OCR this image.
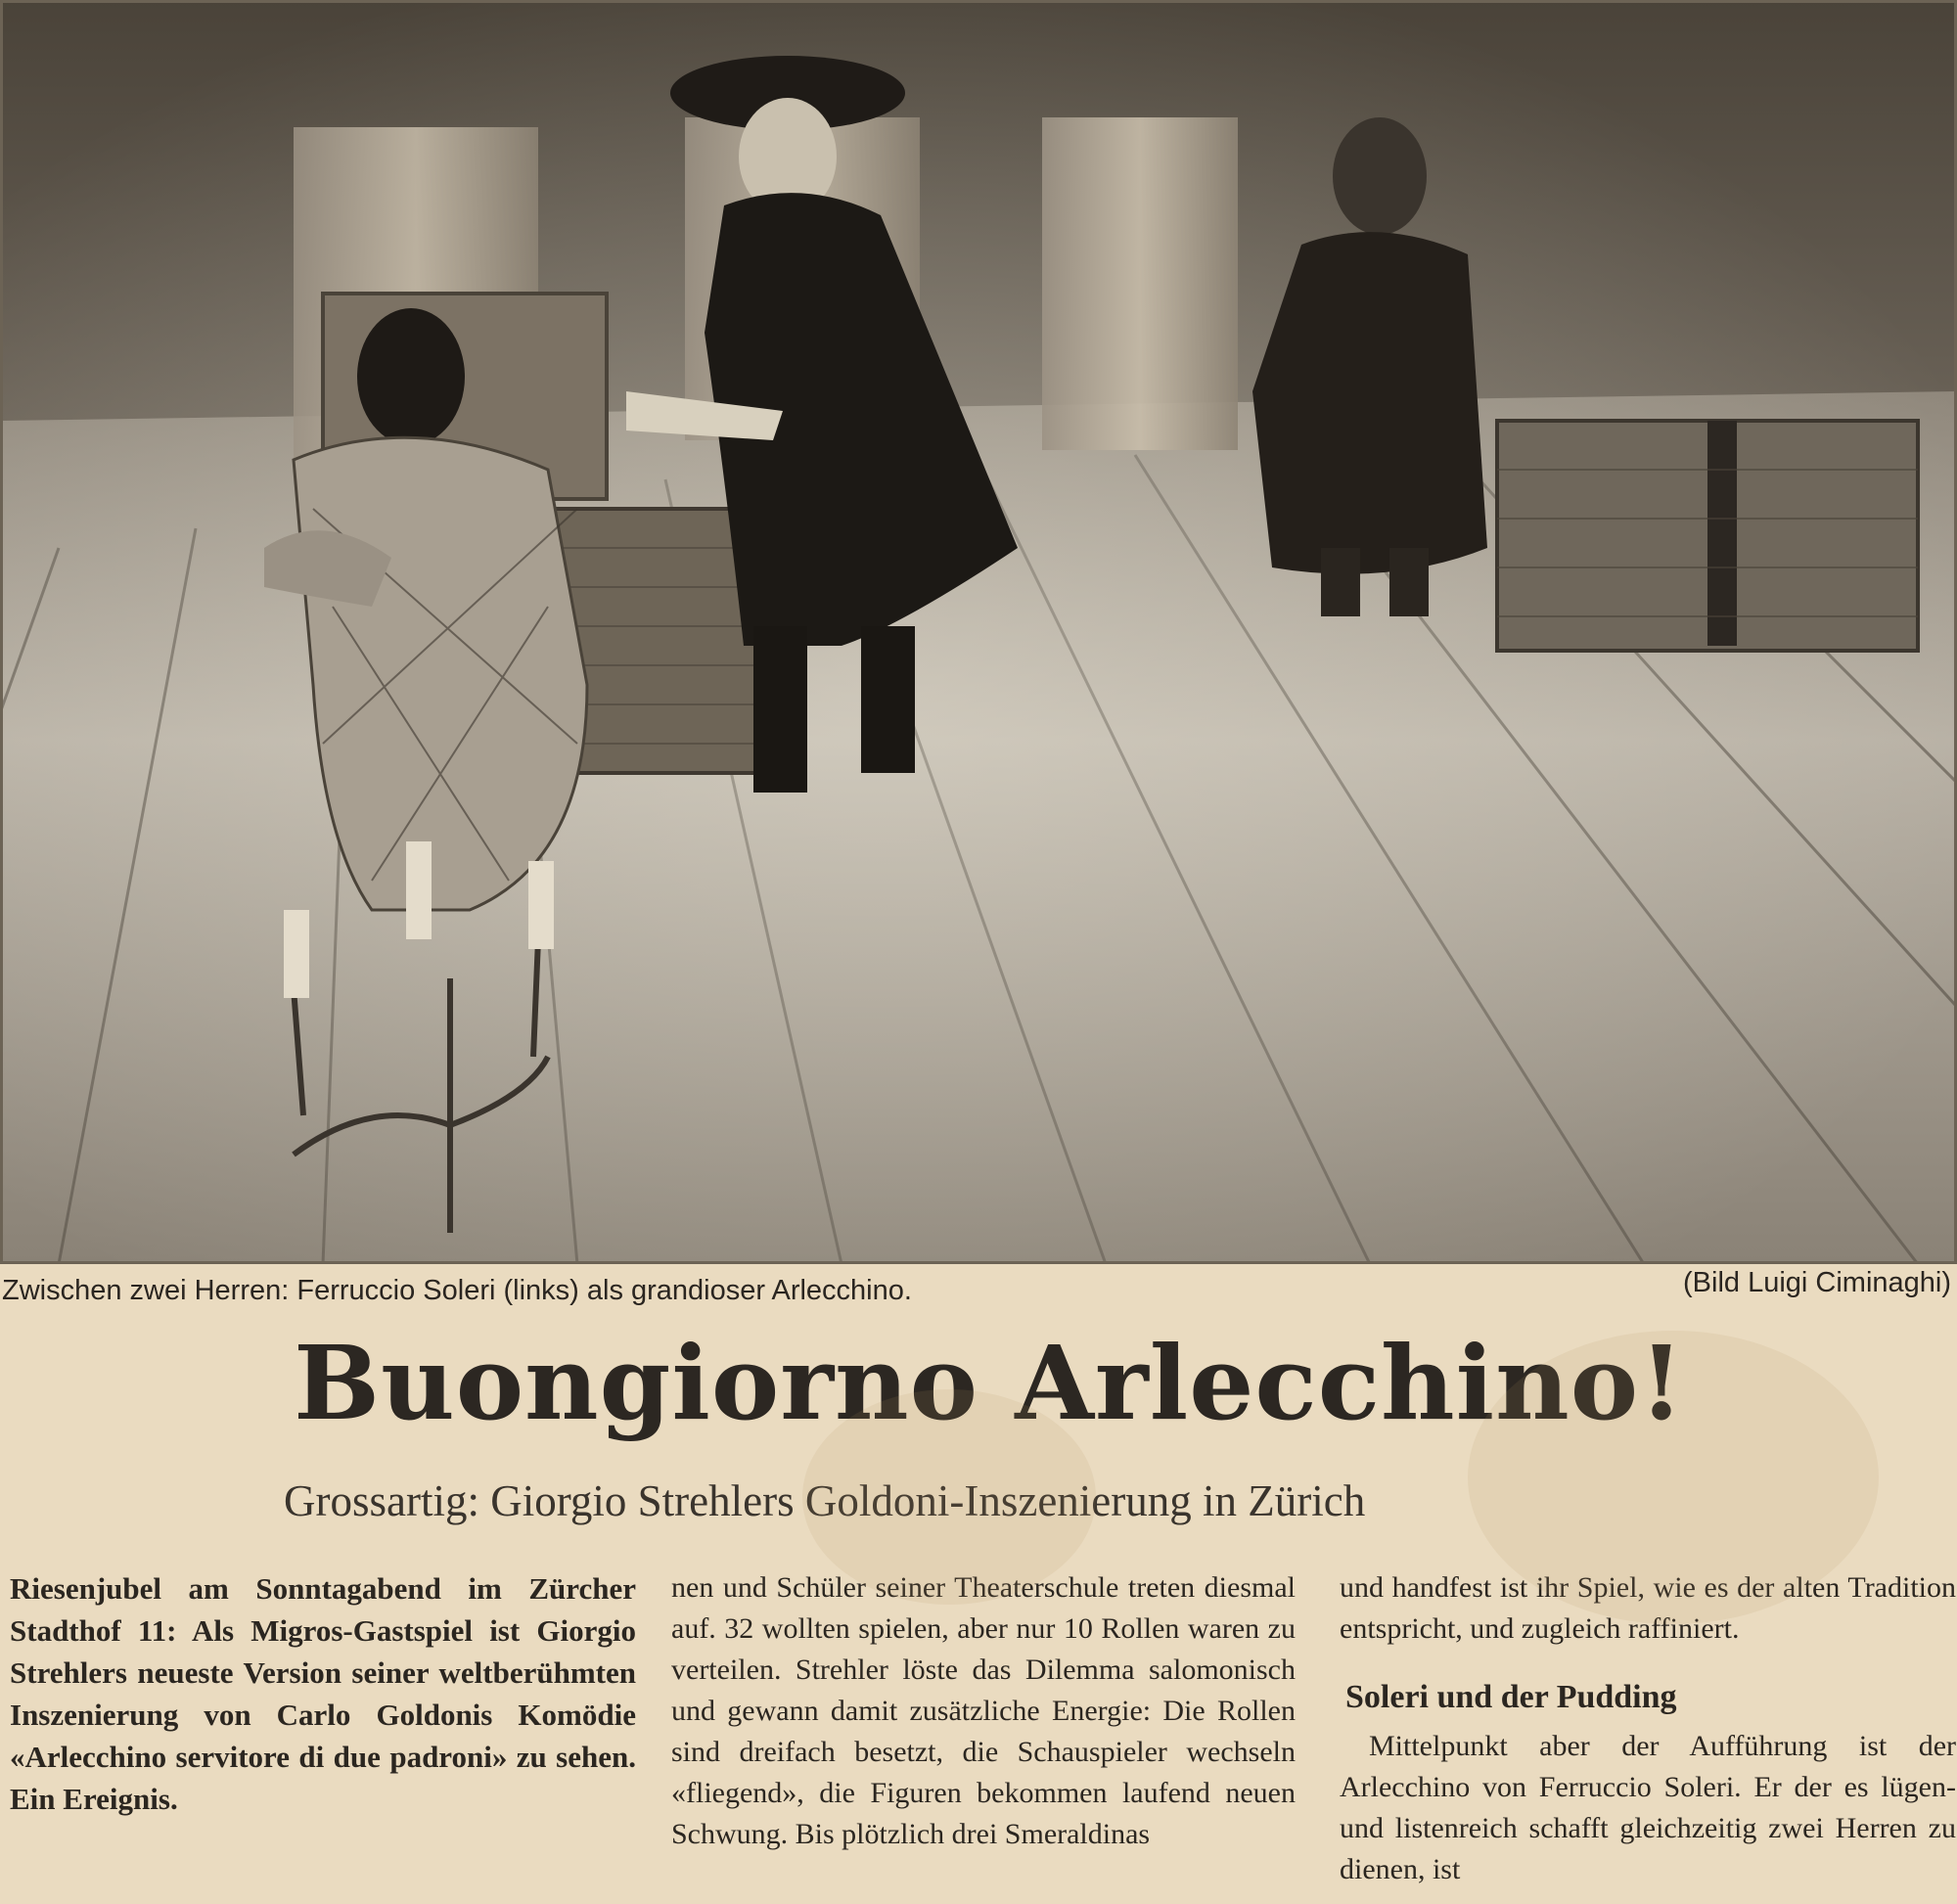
Zwischen zwei Herren: Ferruccio Soleri (links) als grandioser Arlecchino.	(Bild Luigi Ciminaghi)
Buongiorno Arlecchino!
Grossartig: Giorgio Strehlers Goldoni-Inszenierung in Zürich

Riesenjubel am Sonntagabend im Zürcher Stadthof 11: Als Migros-Gastspiel ist Giorgio Strehlers neueste Version seiner weltberühmten Inszenierung von Carlo Goldonis Komödie «Arlecchino servitore di due padroni» zu sehen. Ein Ereignis.

nen und Schüler seiner Theaterschule treten diesmal auf. 32 wollten spielen, aber nur 10 Rollen waren zu verteilen. Strehler löste das Dilemma salomonisch und gewann damit zusätzliche Energie: Die Rollen sind dreifach besetzt, die Schauspieler wechseln «fliegend», die Figuren bekommen laufend neuen Schwung. Bis plötzlich drei Smeraldinas

und handfest ist ihr Spiel, wie es der alten Tradition entspricht, und zugleich raffiniert.

Soleri und der Pudding

Mittelpunkt aber der Aufführung ist der Arlecchino von Ferruccio Soleri. Er der es lügen- und listenreich schafft gleichzeitig zwei Herren zu dienen, ist
